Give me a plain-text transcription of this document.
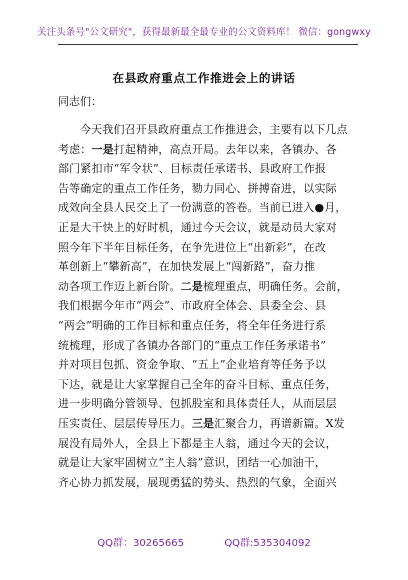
关注头条号"公文研究"，获得最新最全最专业的公文资料库！ 微信：gongwxy
在县政府重点工作推进会上的讲话
同志们：
今天我们召开县政府重点工作推进会，主要有以下几点
考虑：一是打起精神，高点开局。去年以来，各镇办、各
部门紧扣市“军令状”、目标责任承诺书、县政府工作报
告等确定的重点工作任务，勠力同心、拼搏奋进，以实际
成效向全县人民交上了一份满意的答卷。当前已进入●月，
正是大干快上的好时机，通过今天会议，就是动员大家对
照今年下半年目标任务，在争先进位上“出新彩”，在改
革创新上“攀新高”，在加快发展上“闯新路”，奋力推
动各项工作迈上新台阶。二是梳理重点，明确任务。会前，
我们根据今年市“两会”、市政府全体会、县委全会、县
“两会”明确的工作目标和重点任务，将全年任务进行系
统梳理，形成了各镇办各部门的“重点工作任务承诺书”
并对项目包抓、资金争取、“五上”企业培育等任务予以
下达，就是让大家掌握自己全年的奋斗目标、重点任务，
进一步明确分管领导、包抓股室和具体责任人，从而层层
压实责任、层层传导压力。三是汇聚合力，再谱新篇。X发
展没有局外人，全县上下都是主人翁，通过今天的会议，
就是让大家牢固树立“主人翁”意识，团结一心加油干，
齐心协力抓发展，展现勇猛的势头、热烈的气象，全面兴
QQ群：30265665	QQ群:535304092
